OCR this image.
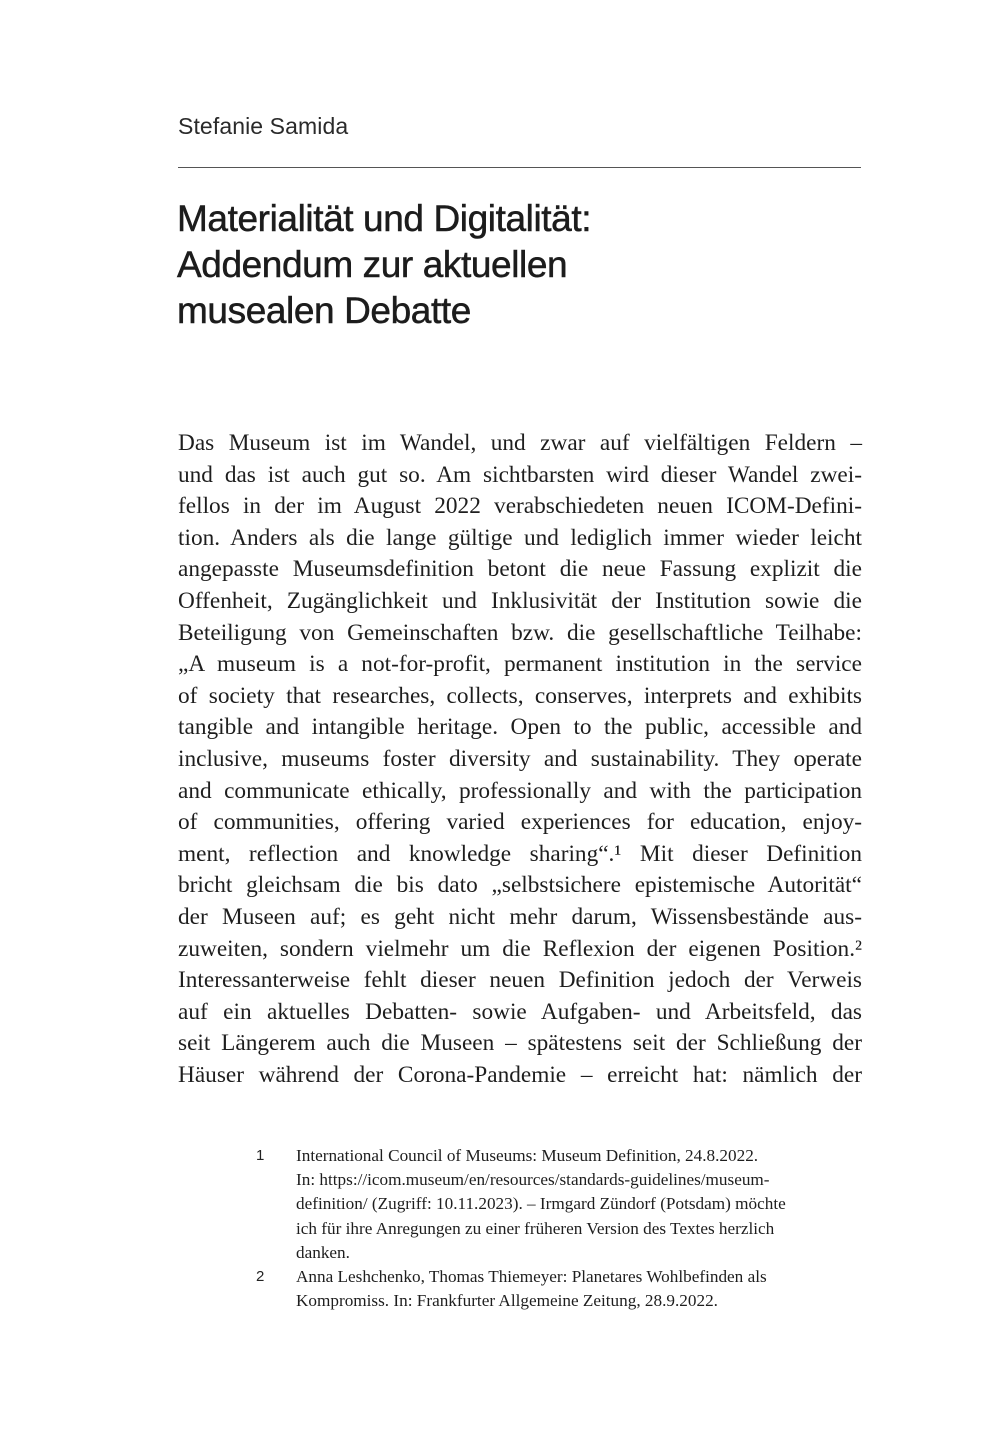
Stefanie Samida
Materialität und Digitalität:
Addendum zur aktuellen
musealen Debatte
Das Museum ist im Wandel, und zwar auf vielfältigen Feldern –
und das ist auch gut so. Am sichtbarsten wird dieser Wandel zwei-
fellos in der im August 2022 verabschiedeten neuen ICOM-Defini-
tion. Anders als die lange gültige und lediglich immer wieder leicht
angepasste Museumsdefinition betont die neue Fassung explizit die
Offenheit, Zugänglichkeit und Inklusivität der Institution sowie die
Beteiligung von Gemeinschaften bzw. die gesellschaftliche Teilhabe:
„A museum is a not-for-profit, permanent institution in the service
of society that researches, collects, conserves, interprets and exhibits
tangible and intangible heritage. Open to the public, accessible and
inclusive, museums foster diversity and sustainability. They operate
and communicate ethically, professionally and with the participation
of communities, offering varied experiences for education, enjoy-
ment, reflection and knowledge sharing“.¹ Mit dieser Definition
bricht gleichsam die bis dato „selbstsichere epistemische Autorität“
der Museen auf; es geht nicht mehr darum, Wissensbestände aus-
zuweiten, sondern vielmehr um die Reflexion der eigenen Position.²
Interessanterweise fehlt dieser neuen Definition jedoch der Verweis
auf ein aktuelles Debatten- sowie Aufgaben- und Arbeitsfeld, das
seit Längerem auch die Museen – spätestens seit der Schließung der
Häuser während der Corona-Pandemie – erreicht hat: nämlich der
1	International Council of Museums: Museum Definition, 24.8.2022.
In: https://icom.museum/en/resources/standards-guidelines/museum-
definition/ (Zugriff: 10.11.2023). – Irmgard Zündorf (Potsdam) möchte
ich für ihre Anregungen zu einer früheren Version des Textes herzlich
danken.
2	Anna Leshchenko, Thomas Thiemeyer: Planetares Wohlbefinden als
Kompromiss. In: Frankfurter Allgemeine Zeitung, 28.9.2022.
